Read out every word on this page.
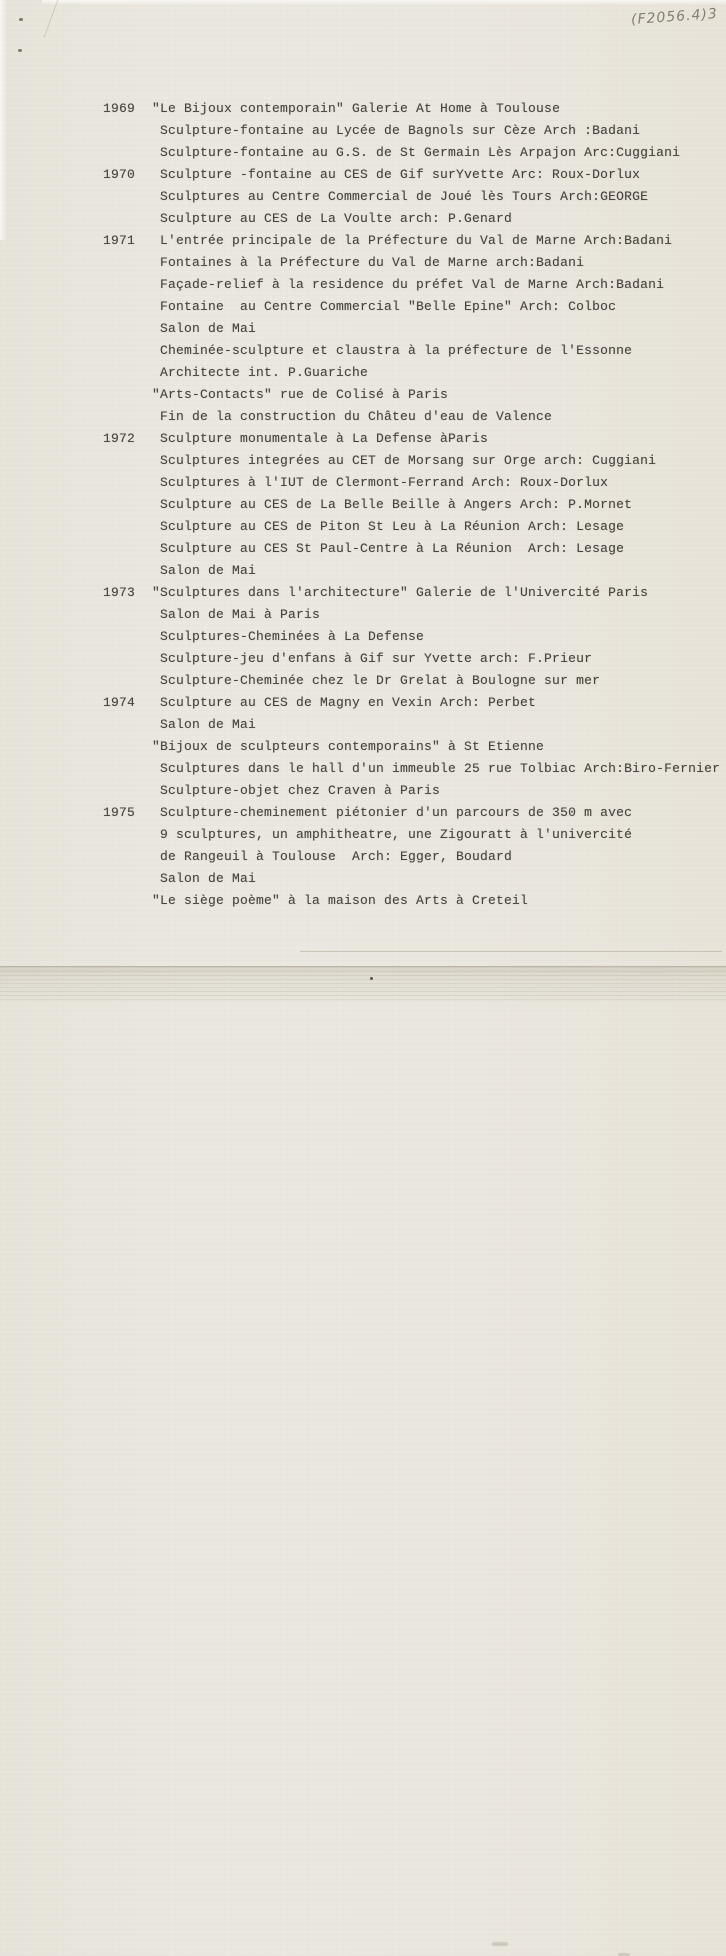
(F2056.4)3
1969	"Le Bijoux contemporain" Galerie At Home à Toulouse
Sculpture-fontaine au Lycée de Bagnols sur Cèze Arch :Badani
Sculpture-fontaine au G.S. de St Germain Lès Arpajon Arc:Cuggiani
1970	Sculpture -fontaine au CES de Gif surYvette Arc: Roux-Dorlux
Sculptures au Centre Commercial de Joué lès Tours Arch:GEORGE
Sculpture au CES de La Voulte arch: P.Genard
1971	L'entrée principale de la Préfecture du Val de Marne Arch:Badani
Fontaines à la Préfecture du Val de Marne arch:Badani
Façade-relief à la residence du préfet Val de Marne Arch:Badani
Fontaine  au Centre Commercial "Belle Epine" Arch: Colboc
Salon de Mai
Cheminée-sculpture et claustra à la préfecture de l'Essonne
Architecte int. P.Guariche
"Arts-Contacts" rue de Colisé à Paris
Fin de la construction du Châteu d'eau de Valence
1972	Sculpture monumentale à La Defense àParis
Sculptures integrées au CET de Morsang sur Orge arch: Cuggiani
Sculptures à l'IUT de Clermont-Ferrand Arch: Roux-Dorlux
Sculpture au CES de La Belle Beille à Angers Arch: P.Mornet
Sculpture au CES de Piton St Leu à La Réunion Arch: Lesage
Sculpture au CES St Paul-Centre à La Réunion  Arch: Lesage
Salon de Mai
1973	"Sculptures dans l'architecture" Galerie de l'Univercité Paris
Salon de Mai à Paris
Sculptures-Cheminées à La Defense
Sculpture-jeu d'enfans à Gif sur Yvette arch: F.Prieur
Sculpture-Cheminée chez le Dr Grelat à Boulogne sur mer
1974	Sculpture au CES de Magny en Vexin Arch: Perbet
Salon de Mai
"Bijoux de sculpteurs contemporains" à St Etienne
Sculptures dans le hall d'un immeuble 25 rue Tolbiac Arch:Biro-Fernier
Sculpture-objet chez Craven à Paris
1975	Sculpture-cheminement piétonier d'un parcours de 350 m avec
9 sculptures, un amphitheatre, une Zigouratt à l'univercité
de Rangeuil à Toulouse  Arch: Egger, Boudard
Salon de Mai
"Le siège poème" à la maison des Arts à Creteil
